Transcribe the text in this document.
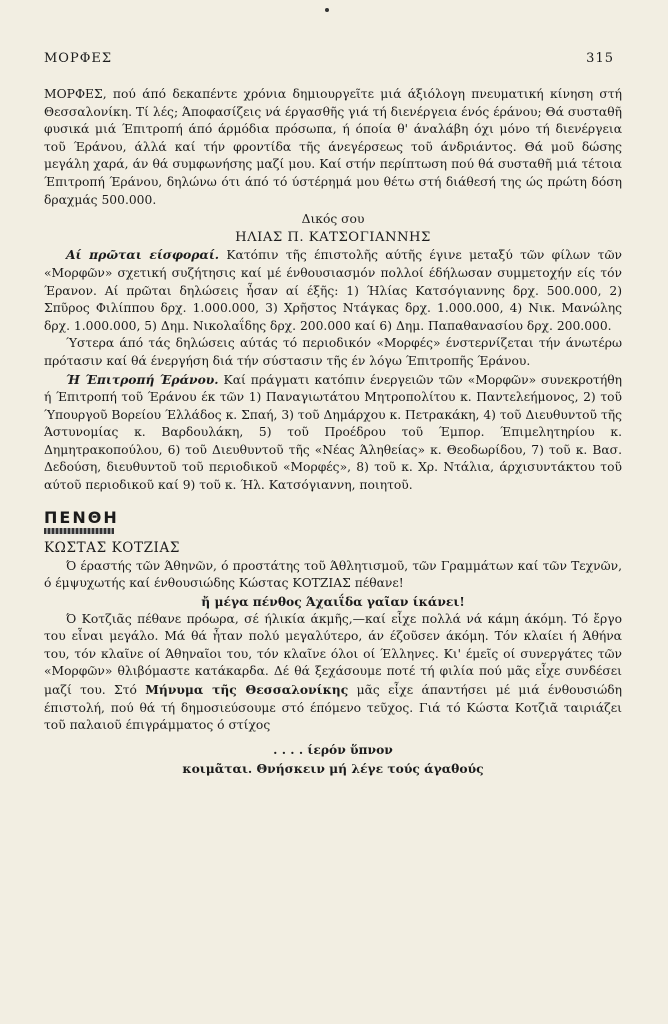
ΜΟΡΦΕΣ	315

ΜΟΡΦΕΣ, πού άπό δεκαπέντε χρόνια δημιουργεῖτε μιά άξιόλογη πνευματική κίνηση στή Θεσσαλονίκη. Τί λές; Άποφασίζεις νά έργασθῆς γιά τή διενέργεια ένός έράνου; Θά συσταθῆ φυσικά μιά Έπιτροπή άπό άρμόδια πρόσωπα, ή όποία θ' άναλάβη όχι μόνο τή διενέργεια τοῦ Έράνου, άλλά καί τήν φροντίδα τῆς άνεγέρσεως τοῦ άνδριάντος. Θά μοῦ δώσης μεγάλη χαρά, άν θά συμφωνήσης μαζί μου. Καί στήν περίπτωση πού θά συσταθῆ μιά τέτοια Έπιτροπή Έράνου, δηλώνω ότι άπό τό ύστέρημά μου θέτω στή διάθεσή της ώς πρώτη δόση δραχμάς 500.000.

Δικός σου

ΗΛΙΑΣ Π. ΚΑΤΣΟΓΙΑΝΝΗΣ

Αί πρῶται είσφοραί. Κατόπιν τῆς έπιστολῆς αύτῆς έγινε μεταξύ τῶν φίλων τῶν «Μορφῶν» σχετική συζήτησις καί μέ ένθουσιασμόν πολλοί έδήλωσαν συμμετοχήν είς τόν Έρανον. Αί πρῶται δηλώσεις ἦσαν αί έξῆς: 1) Ήλίας Κατσόγιαννης δρχ. 500.000, 2) Σπῦρος Φιλίππου δρχ. 1.000.000, 3) Χρῆστος Ντάγκας δρχ. 1.000.000, 4) Νικ. Μανώλης δρχ. 1.000.000, 5) Δημ. Νικολαΐδης δρχ. 200.000 καί 6) Δημ. Παπαθανασίου δρχ. 200.000.

Ύστερα άπό τάς δηλώσεις αύτάς τό περιοδικόν «Μορφές» ένστερνίζεται τήν άνωτέρω πρότασιν καί θά ένεργήση διά τήν σύστασιν τῆς έν λόγω Έπιτροπῆς Έράνου.

Ή Έπιτροπή Έράνου. Καί πράγματι κατόπιν ένεργειῶν τῶν «Μορφῶν» συνεκροτήθη ή Έπιτροπή τοῦ Έράνου έκ τῶν 1) Παναγιωτάτου Μητροπολίτου κ. Παντελεήμονος, 2) τοῦ Ύπουργοῦ Βορείου Έλλάδος κ. Σπαή, 3) τοῦ Δημάρχου κ. Πετρακάκη, 4) τοῦ Διευθυντοῦ τῆς Άστυνομίας κ. Βαρδουλάκη, 5) τοῦ Προέδρου τοῦ Έμπορ. Έπιμελητηρίου κ. Δημητρακοπούλου, 6) τοῦ Διευθυντοῦ τῆς «Νέας Άληθείας» κ. Θεοδωρίδου, 7) τοῦ κ. Βασ. Δεδούση, διευθυντοῦ τοῦ περιοδικοῦ «Μορφές», 8) τοῦ κ. Χρ. Ντάλια, άρχισυντάκτου τοῦ αύτοῦ περιοδικοῦ καί 9) τοῦ κ. Ήλ. Κατσόγιαννη, ποιητοῦ.

ΠΕΝΘΗ

ΚΩΣΤΑΣ ΚΟΤΖΙΑΣ

Ό έραστής τῶν Άθηνῶν, ό προστάτης τοῦ Άθλητισμοῦ, τῶν Γραμμάτων καί τῶν Τεχνῶν, ό έμψυχωτής καί ένθουσιώδης Κώστας ΚΟΤΖΙΑΣ πέθανε!

ἤ μέγα πένθος Άχαιΐδα γαῖαν ίκάνει!

Ό Κοτζιᾶς πέθανε πρόωρα, σέ ήλικία άκμῆς,—καί εἶχε πολλά νά κάμη άκόμη. Τό ἔργο του εἶναι μεγάλο. Μά θά ἦταν πολύ μεγαλύτερο, άν έζοῦσεν άκόμη. Τόν κλαίει ή Άθήνα του, τόν κλαῖνε οί Άθηναῖοι του, τόν κλαῖνε όλοι οί Έλληνες. Κι' έμεῖς οί συνεργάτες τῶν «Μορφῶν» θλιβόμαστε κατάκαρδα. Δέ θά ξεχάσουμε ποτέ τή φιλία πού μᾶς εἶχε συνδέσει μαζί του. Στό Μήνυμα τῆς Θεσσαλονίκης μᾶς εἶχε άπαντήσει μέ μιά ένθουσιώδη έπιστολή, πού θά τή δημοσιεύσουμε στό έπόμενο τεῦχος. Γιά τό Κώστα Κοτζιᾶ ταιριάζει τοῦ παλαιοῦ έπιγράμματος ό στίχος

. . . . ίερόν ὕπνον

κοιμᾶται. Θνήσκειν μή λέγε τούς άγαθούς
